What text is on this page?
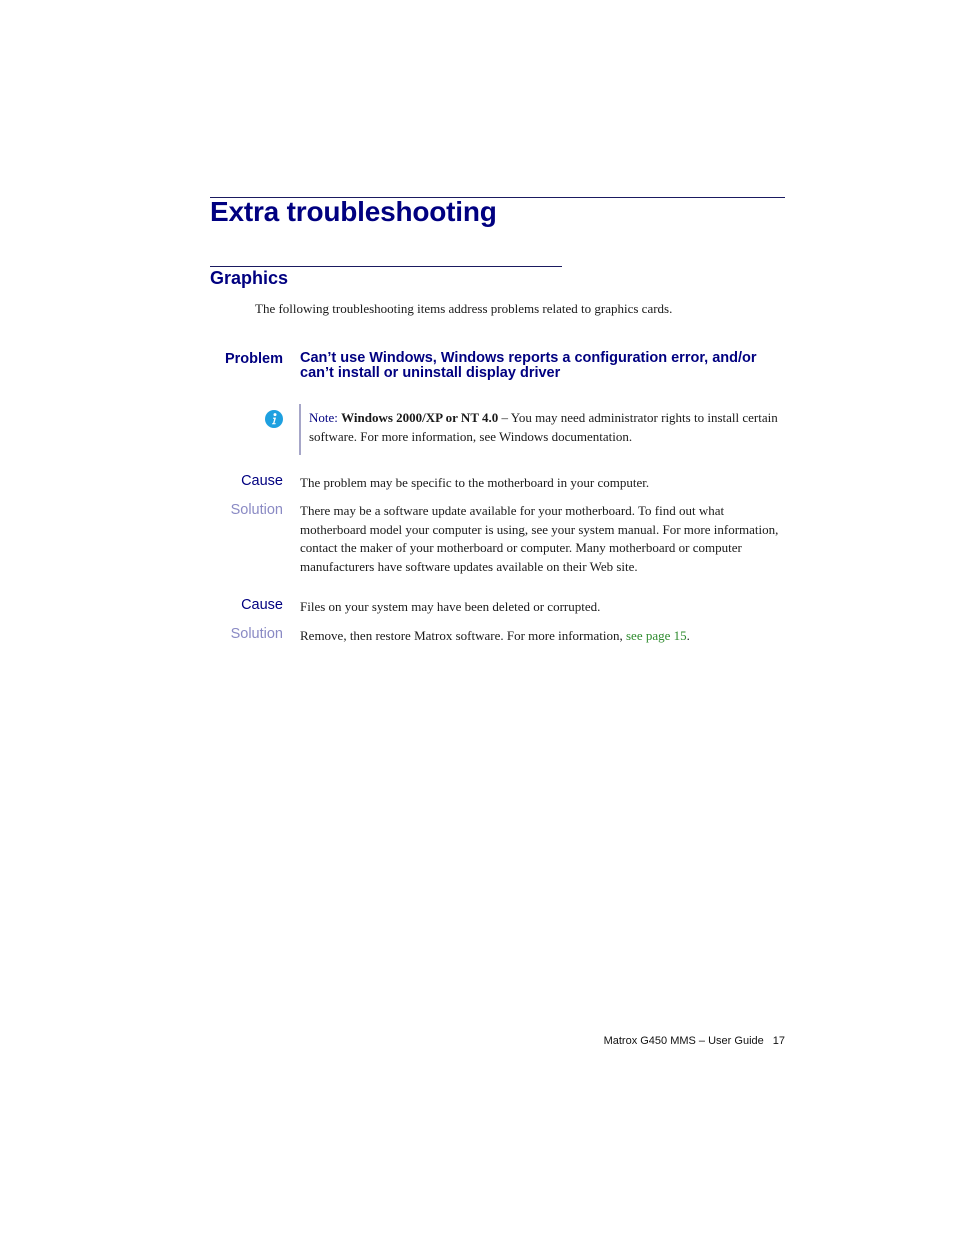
Extra troubleshooting
Graphics

The following troubleshooting items address problems related to graphics cards.

Problem Can’t use Windows, Windows reports a configuration error, and/or can’t install or uninstall display driver

Note: Windows 2000/XP or NT 4.0 – You may need administrator rights to install certain software. For more information, see Windows documentation.

Cause The problem may be specific to the motherboard in your computer.

Solution There may be a software update available for your motherboard. To find out what motherboard model your computer is using, see your system manual. For more information, contact the maker of your motherboard or computer. Many motherboard or computer manufacturers have software updates available on their Web site.

Cause Files on your system may have been deleted or corrupted.

Solution Remove, then restore Matrox software. For more information, see page 15.

Matrox G450 MMS – User Guide 17
